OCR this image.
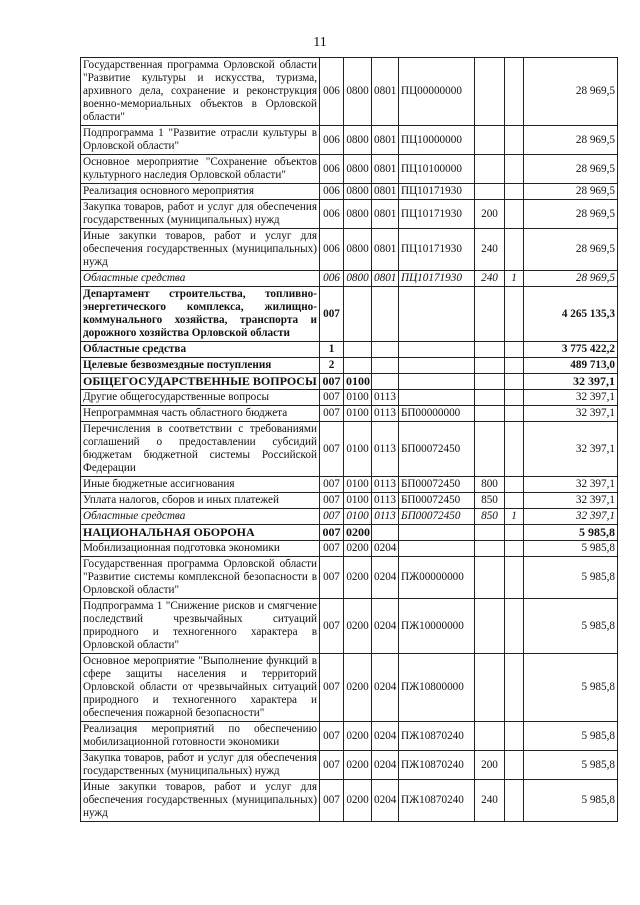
11
Государственная программа Орловской области "Развитие культуры и искусства, туризма, архивного дела, сохранение и реконструкция военно-мемориальных объектов в Орловской области"	006	0800	0801	ПЦ00000000			28 969,5
Подпрограмма 1 "Развитие отрасли культуры в Орловской области"	006	0800	0801	ПЦ10000000			28 969,5
Основное мероприятие "Сохранение объектов культурного наследия Орловской области"	006	0800	0801	ПЦ10100000			28 969,5
Реализация основного мероприятия	006	0800	0801	ПЦ10171930			28 969,5
Закупка товаров, работ и услуг для обеспечения государственных (муниципальных) нужд	006	0800	0801	ПЦ10171930	200		28 969,5
Иные закупки товаров, работ и услуг для обеспечения государственных (муниципальных) нужд	006	0800	0801	ПЦ10171930	240		28 969,5
Областные средства	006	0800	0801	ПЦ10171930	240	1	28 969,5
Департамент строительства, топливно-энергетического комплекса, жилищно-коммунального хозяйства, транспорта и дорожного хозяйства Орловской области	007						4 265 135,3
Областные средства	1						3 775 422,2
Целевые безвозмездные поступления	2						489 713,0
ОБЩЕГОСУДАРСТВЕННЫЕ ВОПРОСЫ	007	0100					32 397,1
Другие общегосударственные вопросы	007	0100	0113				32 397,1
Непрограммная часть областного бюджета	007	0100	0113	БП00000000			32 397,1
Перечисления в соответствии с требованиями соглашений о предоставлении субсидий бюджетам бюджетной системы Российской Федерации	007	0100	0113	БП00072450			32 397,1
Иные бюджетные ассигнования	007	0100	0113	БП00072450	800		32 397,1
Уплата налогов, сборов и иных платежей	007	0100	0113	БП00072450	850		32 397,1
Областные средства	007	0100	0113	БП00072450	850	1	32 397,1
НАЦИОНАЛЬНАЯ ОБОРОНА	007	0200					5 985,8
Мобилизационная подготовка экономики	007	0200	0204				5 985,8
Государственная программа Орловской области "Развитие системы комплексной безопасности в Орловской области"	007	0200	0204	ПЖ00000000			5 985,8
Подпрограмма 1 "Снижение рисков и смягчение последствий чрезвычайных ситуаций природного и техногенного характера в Орловской области"	007	0200	0204	ПЖ10000000			5 985,8
Основное мероприятие "Выполнение функций в сфере защиты населения и территорий Орловской области от чрезвычайных ситуаций природного и техногенного характера и обеспечения пожарной безопасности"	007	0200	0204	ПЖ10800000			5 985,8
Реализация мероприятий по обеспечению мобилизационной готовности экономики	007	0200	0204	ПЖ10870240			5 985,8
Закупка товаров, работ и услуг для обеспечения государственных (муниципальных) нужд	007	0200	0204	ПЖ10870240	200		5 985,8
Иные закупки товаров, работ и услуг для обеспечения государственных (муниципальных) нужд	007	0200	0204	ПЖ10870240	240		5 985,8
